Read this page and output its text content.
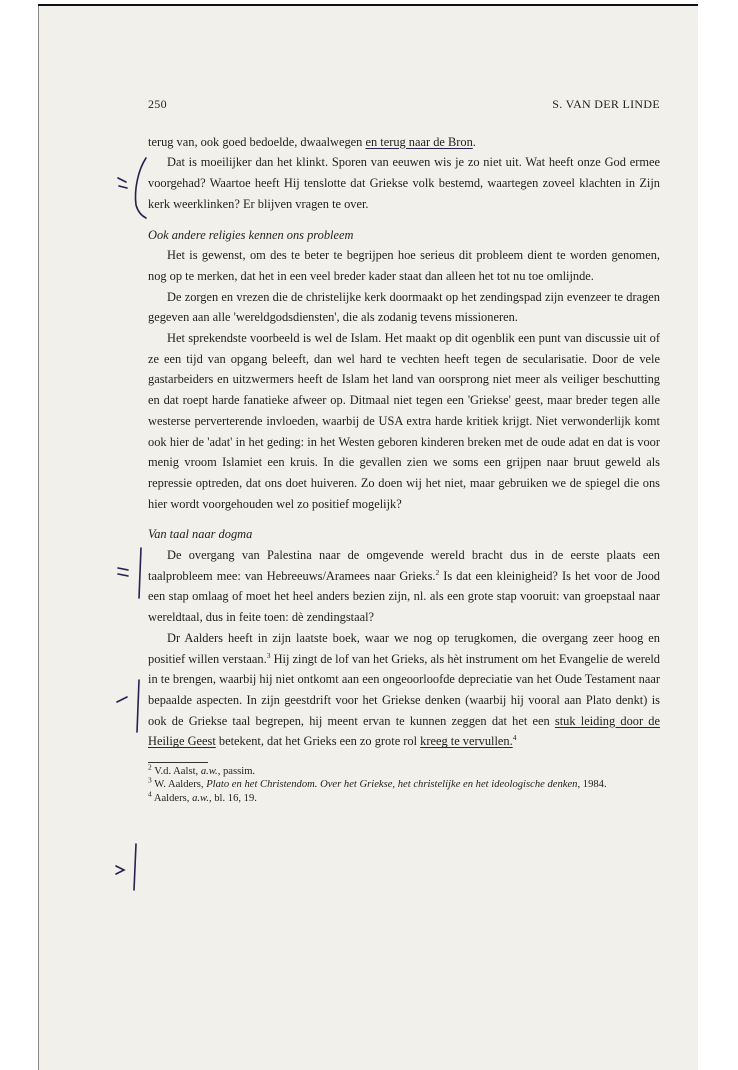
250	S. VAN DER LINDE

terug van, ook goed bedoelde, dwaalwegen en terug naar de Bron.

Dat is moeilijker dan het klinkt. Sporen van eeuwen wis je zo niet uit. Wat heeft onze God ermee voorgehad? Waartoe heeft Hij tenslotte dat Griekse volk bestemd, waartegen zoveel klachten in Zijn kerk weerklinken? Er blijven vragen te over.

Ook andere religies kennen ons probleem

Het is gewenst, om des te beter te begrijpen hoe serieus dit probleem dient te worden genomen, nog op te merken, dat het in een veel breder kader staat dan alleen het tot nu toe omlijnde.

De zorgen en vrezen die de christelijke kerk doormaakt op het zendingspad zijn evenzeer te dragen gegeven aan alle 'wereldgodsdiensten', die als zodanig tevens missioneren.

Het sprekendste voorbeeld is wel de Islam. Het maakt op dit ogenblik een punt van discussie uit of ze een tijd van opgang beleeft, dan wel hard te vechten heeft tegen de secularisatie. Door de vele gastarbeiders en uitzwermers heeft de Islam het land van oorsprong niet meer als veiliger beschutting en dat roept harde fanatieke afweer op. Ditmaal niet tegen een 'Griekse' geest, maar breder tegen alle westerse perverterende invloeden, waarbij de USA extra harde kritiek krijgt. Niet verwonderlijk komt ook hier de 'adat' in het geding: in het Westen geboren kinderen breken met de oude adat en dat is voor menig vroom Islamiet een kruis. In die gevallen zien we soms een grijpen naar bruut geweld als repressie optreden, dat ons doet huiveren. Zo doen wij het niet, maar gebruiken we de spiegel die ons hier wordt voorgehouden wel zo positief mogelijk?

Van taal naar dogma

De overgang van Palestina naar de omgevende wereld bracht dus in de eerste plaats een taalprobleem mee: van Hebreeuws/Aramees naar Grieks.$^2$ Is dat een kleinigheid? Is het voor de Jood een stap omlaag of moet het heel anders bezien zijn, nl. als een grote stap vooruit: van groepstaal naar wereldtaal, dus in feite toen: dè zendingstaal?

Dr Aalders heeft in zijn laatste boek, waar we nog op terugkomen, die overgang zeer hoog en positief willen verstaan.$^3$ Hij zingt de lof van het Grieks, als hèt instrument om het Evangelie de wereld in te brengen, waarbij hij niet ontkomt aan een ongeoorloofde depreciatie van het Oude Testament naar bepaalde aspecten. In zijn geestdrift voor het Griekse denken (waarbij hij vooral aan Plato denkt) is ook de Griekse taal begrepen, hij meent ervan te kunnen zeggen dat het een stuk leiding door de Heilige Geest betekent, dat het Grieks een zo grote rol kreeg te vervullen.$^4$

$^2$ V.d. Aalst, a.w., passim.
$^3$ W. Aalders, Plato en het Christendom. Over het Griekse, het christelijke en het ideologische denken, 1984.
$^4$ Aalders, a.w., bl. 16, 19.
